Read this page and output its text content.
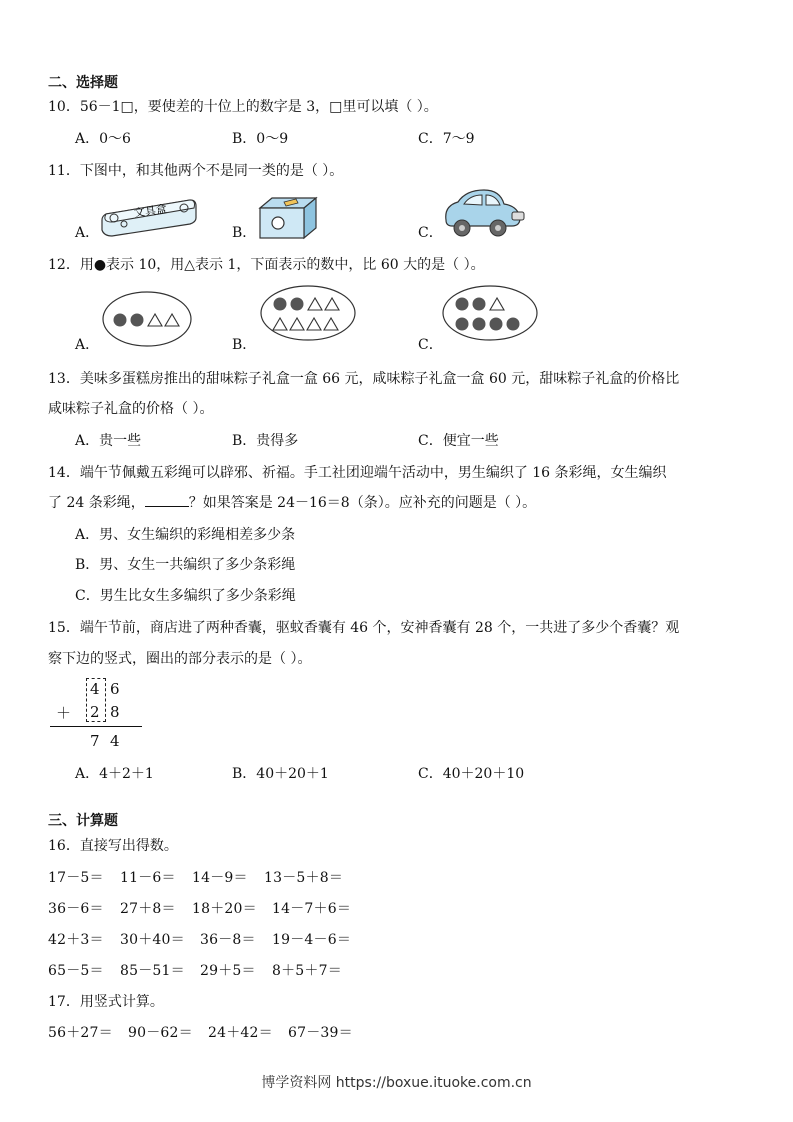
二、选择题
10．56－1□，要使差的十位上的数字是 3，□里可以填（ ）。
A．0～6	B．0～9	C．7～9
11．下图中，和其他两个不是同一类的是（ ）。
A．	B．	C．
文具盒
12．用●表示 10，用△表示 1，下面表示的数中，比 60 大的是（ ）。
A．	B．	C．
13．美味多蛋糕房推出的甜味粽子礼盒一盒 66 元，咸味粽子礼盒一盒 60 元，甜味粽子礼盒的价格比
咸味粽子礼盒的价格（ ）。
A．贵一些	B．贵得多	C．便宜一些
14．端午节佩戴五彩绳可以辟邪、祈福。手工社团迎端午活动中，男生编织了 16 条彩绳，女生编织
了 24 条彩绳，	？如果答案是 24－16＝8（条）。应补充的问题是（ ）。
A．男、女生编织的彩绳相差多少条
B．男、女生一共编织了多少条彩绳
C．男生比女生多编织了多少条彩绳
15．端午节前，商店进了两种香囊，驱蚊香囊有 46 个，安神香囊有 28 个，一共进了多少个香囊？观
察下边的竖式，圈出的部分表示的是（ ）。
4 6
＋ 2 8
7 4
A．4＋2＋1	B．40＋20＋1	C．40＋20＋10
三、计算题
16．直接写出得数。
17－5＝ 11－6＝ 14－9＝ 13－5＋8＝
36－6＝ 27＋8＝ 18＋20＝ 14－7＋6＝
42＋3＝ 30＋40＝ 36－8＝ 19－4－6＝
65－5＝ 85－51＝ 29＋5＝ 8＋5＋7＝
17．用竖式计算。
56＋27＝ 90－62＝ 24＋42＝ 67－39＝
博学资料网 https://boxue.ituoke.com.cn
